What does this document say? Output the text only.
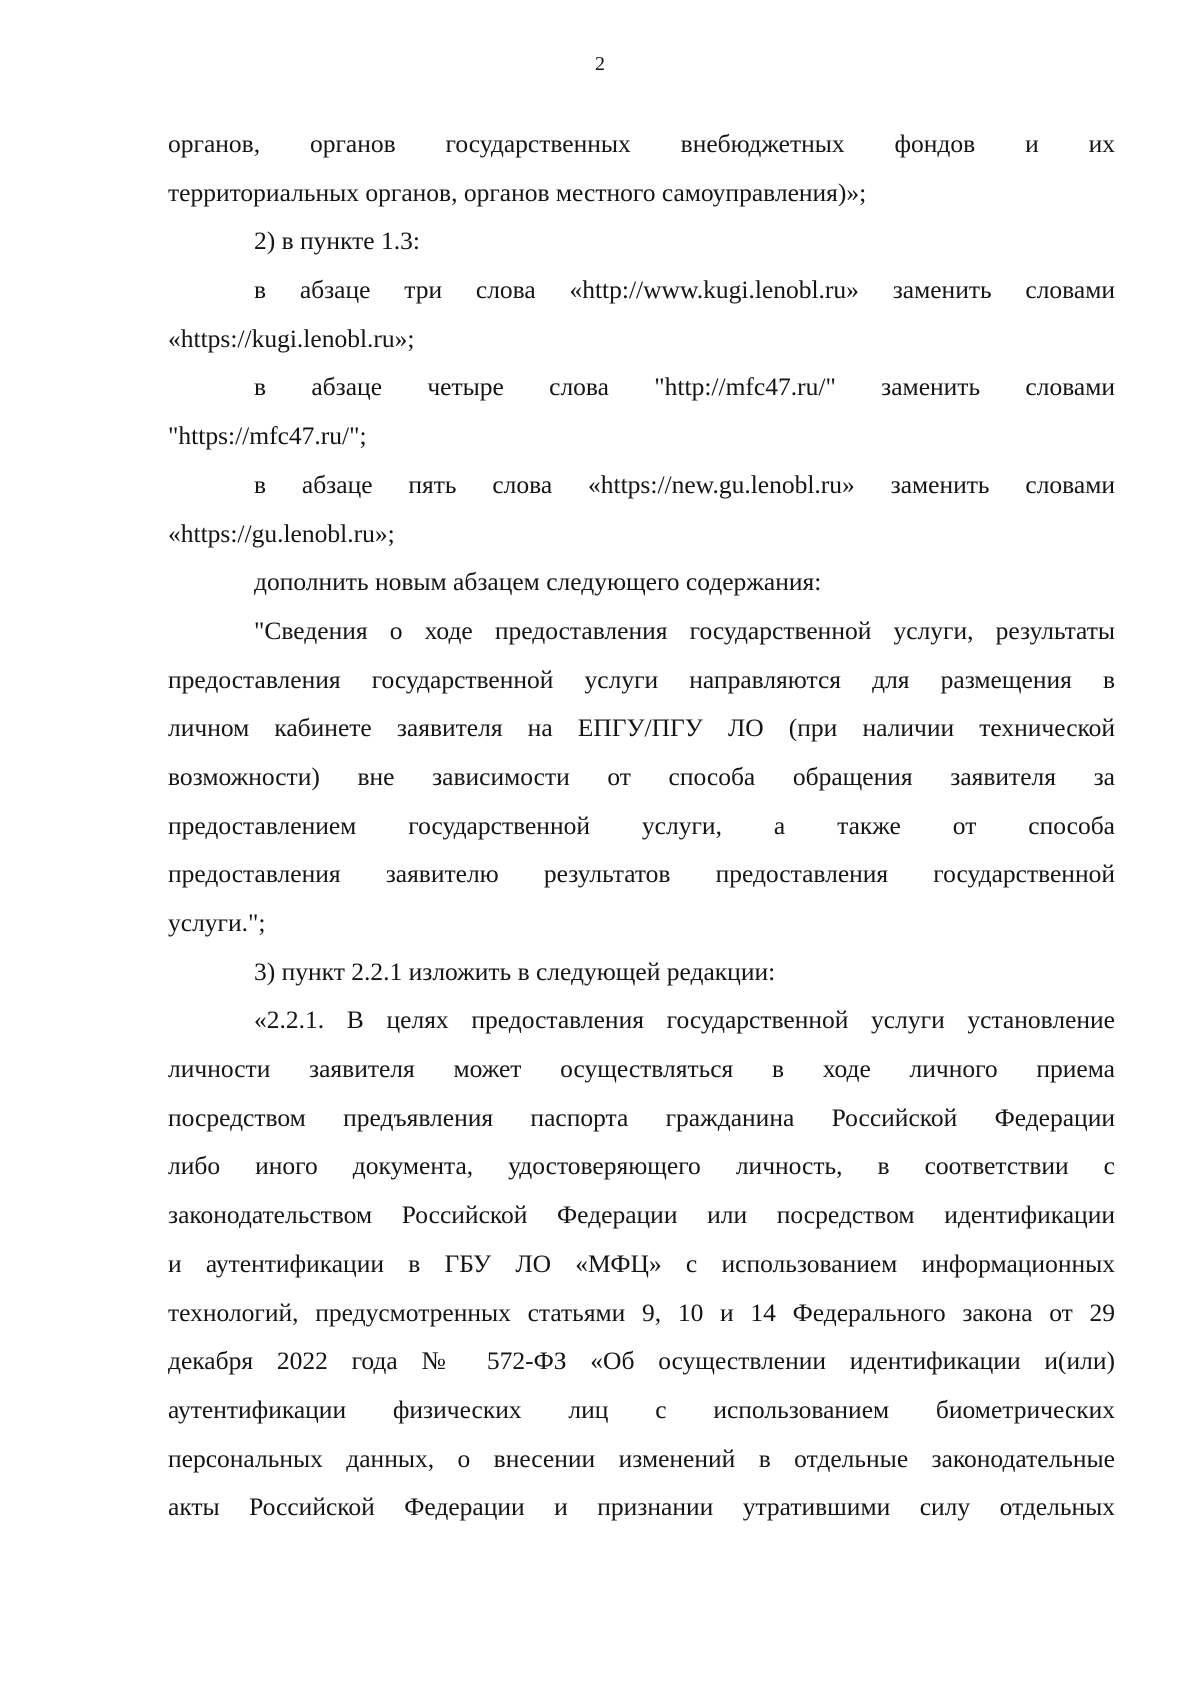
2
органов, органов государственных внебюджетных фондов и их
территориальных органов, органов местного самоуправления)»;
2) в пункте 1.3:
в абзаце три слова «http://www.kugi.lenobl.ru» заменить словами
«https://kugi.lenobl.ru»;
в абзаце четыре слова "http://mfc47.ru/" заменить словами
"https://mfc47.ru/";
в абзаце пять слова «https://new.gu.lenobl.ru» заменить словами
«https://gu.lenobl.ru»;
дополнить новым абзацем следующего содержания:
"Сведения о ходе предоставления государственной услуги, результаты
предоставления государственной услуги направляются для размещения в
личном кабинете заявителя на ЕПГУ/ПГУ ЛО (при наличии технической
возможности) вне зависимости от способа обращения заявителя за
предоставлением государственной услуги, а также от способа
предоставления заявителю результатов предоставления государственной
услуги.";
3) пункт 2.2.1 изложить в следующей редакции:
«2.2.1. В целях предоставления государственной услуги установление
личности заявителя может осуществляться в ходе личного приема
посредством предъявления паспорта гражданина Российской Федерации
либо иного документа, удостоверяющего личность, в соответствии с
законодательством Российской Федерации или посредством идентификации
и аутентификации в ГБУ ЛО «МФЦ» с использованием информационных
технологий, предусмотренных статьями 9, 10 и 14 Федерального закона от 29
декабря 2022 года № 572-ФЗ «Об осуществлении идентификации и(или)
аутентификации физических лиц с использованием биометрических
персональных данных, о внесении изменений в отдельные законодательные
акты Российской Федерации и признании утратившими силу отдельных
